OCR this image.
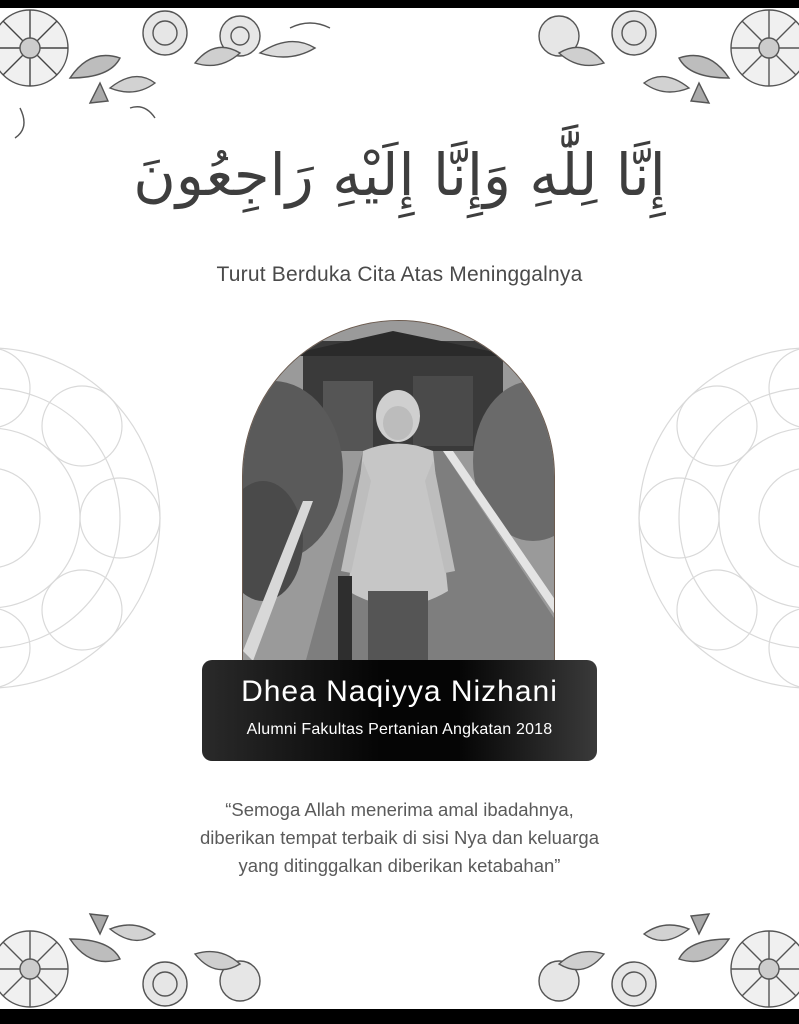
إِنَّا لِلَّٰهِ وَإِنَّا إِلَيْهِ رَاجِعُونَ
Turut Berduka Cita Atas Meninggalnya
Dhea Naqiyya Nizhani
Alumni Fakultas Pertanian Angkatan 2018
“Semoga Allah menerima amal ibadahnya,
diberikan tempat terbaik di sisi Nya dan keluarga
yang ditinggalkan diberikan ketabahan”
